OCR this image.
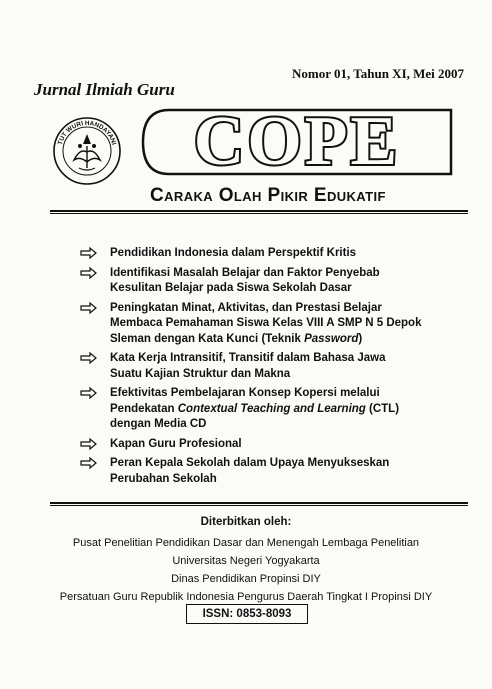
Nomor 01, Tahun XI, Mei 2007
Jurnal Ilmiah Guru
TUT WURI HANDAYANI	COPE
Caraka Olah Pikir Edukatif
Pendidikan Indonesia dalam Perspektif Kritis
Identifikasi Masalah Belajar dan Faktor Penyebab
Kesulitan Belajar pada Siswa Sekolah Dasar
Peningkatan Minat, Aktivitas, dan Prestasi Belajar
Membaca Pemahaman Siswa Kelas VIII A SMP N 5 Depok
Sleman dengan Kata Kunci (Teknik Password)
Kata Kerja Intransitif, Transitif dalam Bahasa Jawa
Suatu Kajian Struktur dan Makna
Efektivitas Pembelajaran Konsep Kopersi melalui
Pendekatan Contextual Teaching and Learning (CTL)
dengan Media CD
Kapan Guru Profesional
Peran Kepala Sekolah dalam Upaya Menyukseskan
Perubahan Sekolah
Diterbitkan oleh:
Pusat Penelitian Pendidikan Dasar dan Menengah Lembaga Penelitian
Universitas Negeri Yogyakarta
Dinas Pendidikan Propinsi DIY
Persatuan Guru Republik Indonesia Pengurus Daerah Tingkat I Propinsi DIY
ISSN: 0853-8093
